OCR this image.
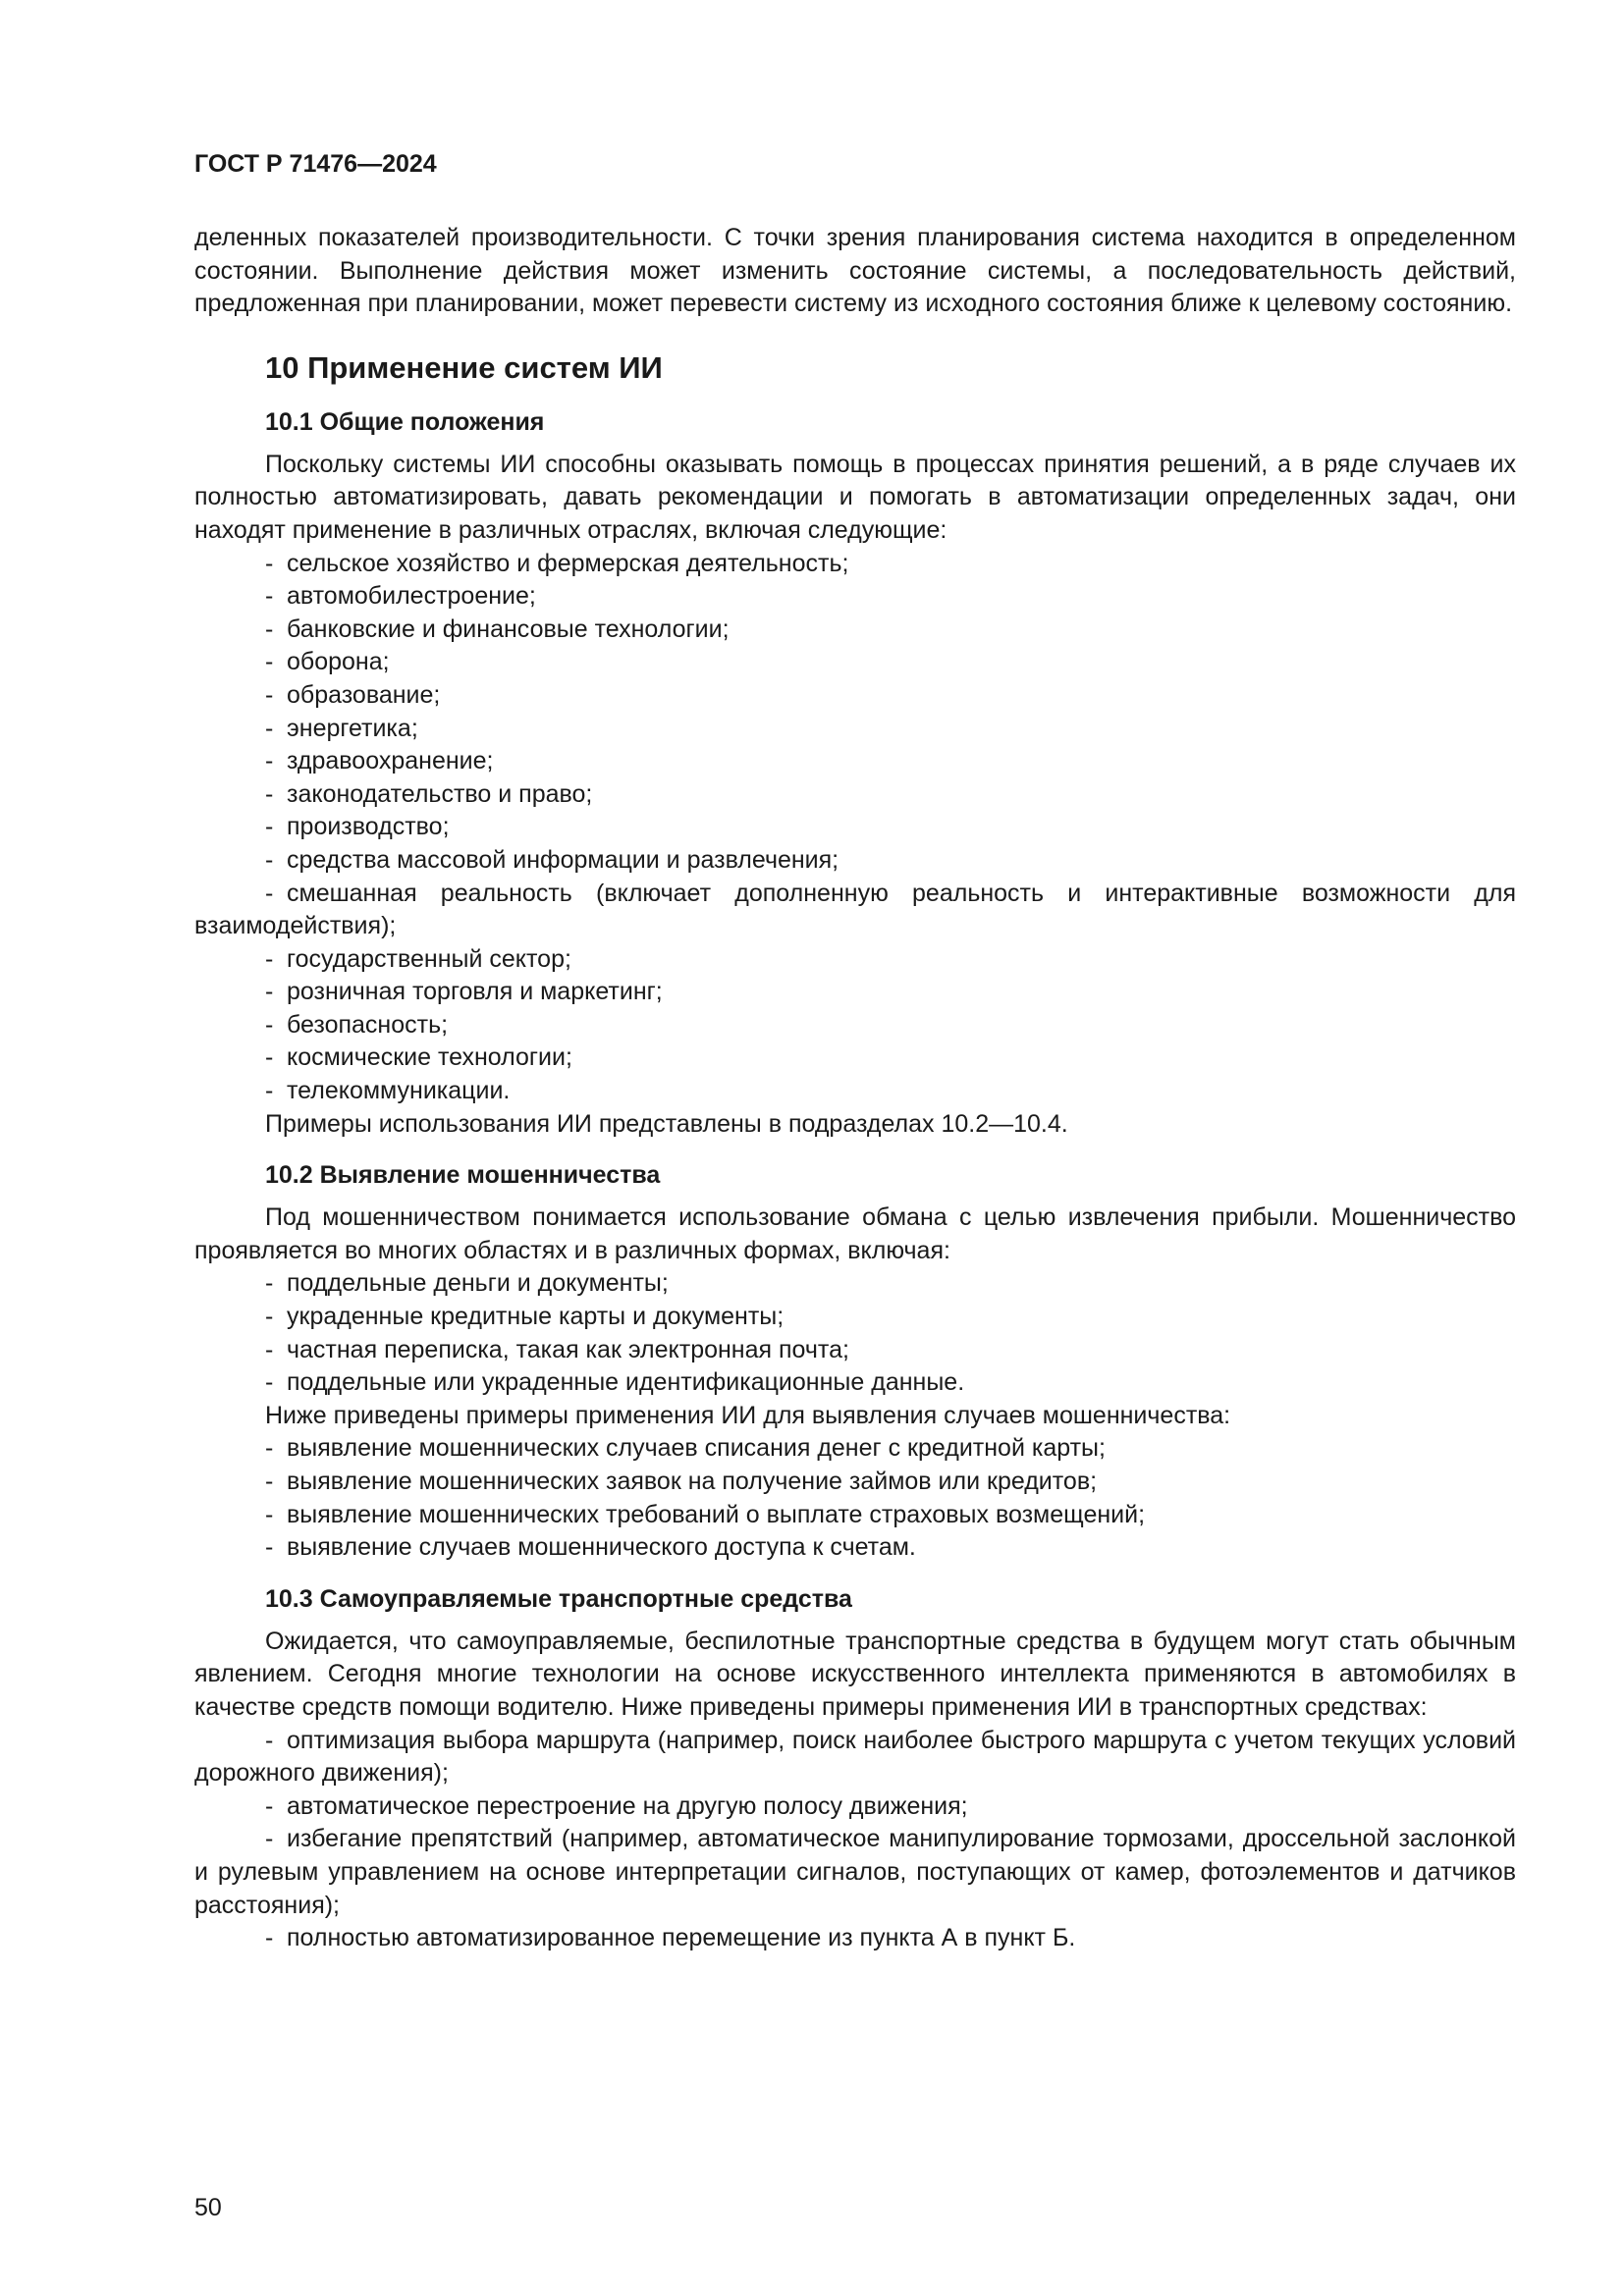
ГОСТ Р 71476—2024

деленных показателей производительности. С точки зрения планирования система находится в определенном состоянии. Выполнение действия может изменить состояние системы, а последовательность действий, предложенная при планировании, может перевести систему из исходного состояния ближе к целевому состоянию.

10 Применение систем ИИ
10.1 Общие положения

Поскольку системы ИИ способны оказывать помощь в процессах принятия решений, а в ряде случаев их полностью автоматизировать, давать рекомендации и помогать в автоматизации определенных задач, они находят применение в различных отраслях, включая следующие:

- сельское хозяйство и фермерская деятельность;
- автомобилестроение;
- банковские и финансовые технологии;
- оборона;
- образование;
- энергетика;
- здравоохранение;
- законодательство и право;
- производство;
- средства массовой информации и развлечения;
- смешанная реальность (включает дополненную реальность и интерактивные возможности для взаимодействия);
- государственный сектор;
- розничная торговля и маркетинг;
- безопасность;
- космические технологии;
- телекоммуникации.

Примеры использования ИИ представлены в подразделах 10.2—10.4.

10.2 Выявление мошенничества

Под мошенничеством понимается использование обмана с целью извлечения прибыли. Мошенничество проявляется во многих областях и в различных формах, включая:

- поддельные деньги и документы;
- украденные кредитные карты и документы;
- частная переписка, такая как электронная почта;
- поддельные или украденные идентификационные данные.

Ниже приведены примеры применения ИИ для выявления случаев мошенничества:

- выявление мошеннических случаев списания денег с кредитной карты;
- выявление мошеннических заявок на получение займов или кредитов;
- выявление мошеннических требований о выплате страховых возмещений;
- выявление случаев мошеннического доступа к счетам.
10.3 Самоуправляемые транспортные средства

Ожидается, что самоуправляемые, беспилотные транспортные средства в будущем могут стать обычным явлением. Сегодня многие технологии на основе искусственного интеллекта применяются в автомобилях в качестве средств помощи водителю. Ниже приведены примеры применения ИИ в транспортных средствах:

- оптимизация выбора маршрута (например, поиск наиболее быстрого маршрута с учетом текущих условий дорожного движения);
- автоматическое перестроение на другую полосу движения;
- избегание препятствий (например, автоматическое манипулирование тормозами, дроссельной заслонкой и рулевым управлением на основе интерпретации сигналов, поступающих от камер, фотоэлементов и датчиков расстояния);
- полностью автоматизированное перемещение из пункта А в пункт Б.

50
